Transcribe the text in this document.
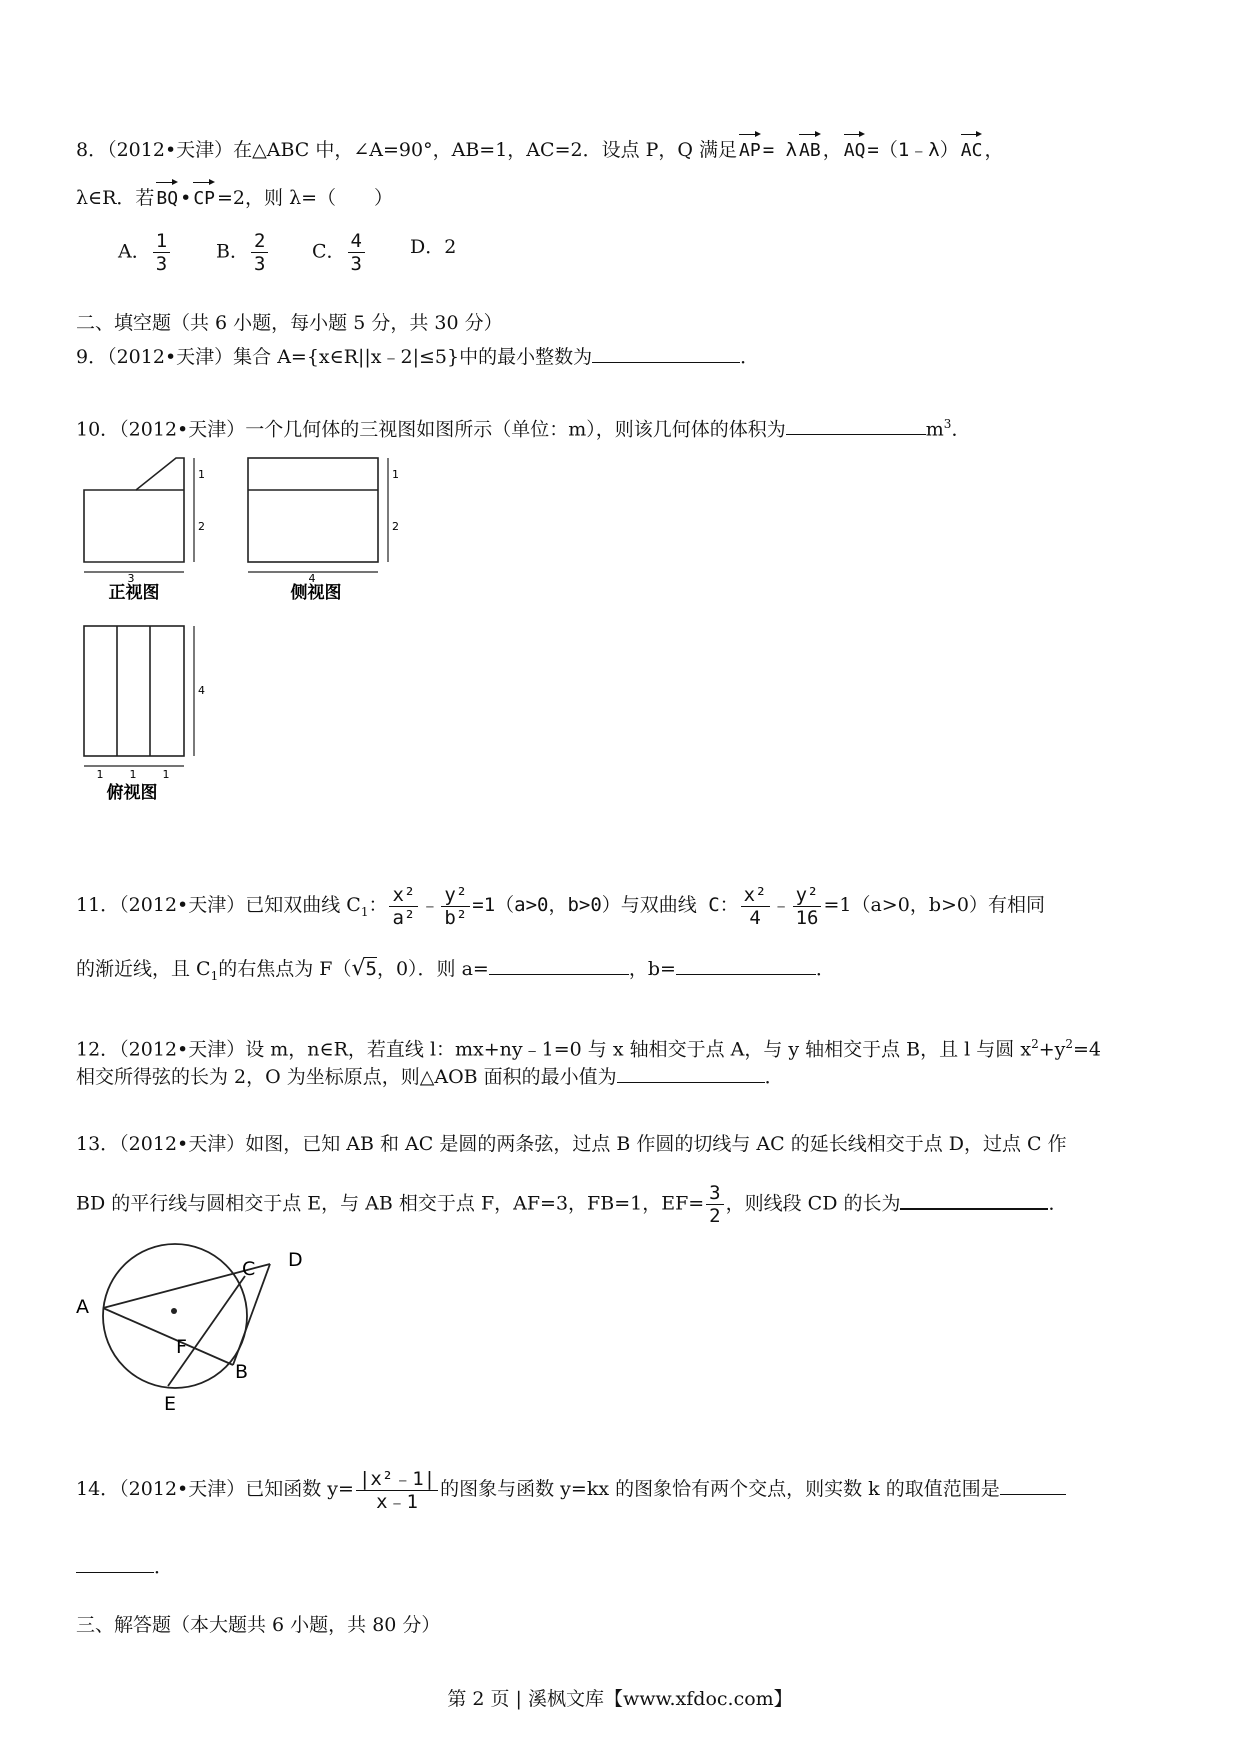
8．（2012•天津）在△ABC 中，∠A=90°，AB=1，AC=2．设点 P，Q 满足 AP = λ AB ， AQ =（1﹣λ） AC ，
λ∈R．若 BQ • CP =2，则 λ=（　　）
A． $\frac{1}{3}$ B． $\frac{2}{3}$ C． $\frac{4}{3}$ D．2
二、填空题（共 6 小题，每小题 5 分，共 30 分）
9．（2012•天津）集合 A={x∈R||x﹣2|≤5}中的最小整数为	．
10．（2012•天津）一个几何体的三视图如图所示（单位：m），则该几何体的体积为	$m^3$．
3
1
2
正视图
4
1
2
侧视图
4
1 1 1
俯视图
11．（2012•天津）已知双曲线 $C_1$： $\frac{\text{x²}}{\text{a²}}$ ﹣ $\frac{\text{y²}}{\text{b²}} =1(a>0$，b>0）与双曲线 C： $\frac{\text{x²}}{4}$ ﹣ $\frac{\text{y²}}{16} =1(a>0$，b>0）有相同
的渐近线，且 $C_1$的右焦点为 F（√5，0）．则 a=	，b=	．
12．（2012•天津）设 m，n∈R，若直线 l：mx+ny﹣1=0 与 x 轴相交于点 A，与 y 轴相交于点 B，且 l 与圆 $x^2+y^2=4$
相交所得弦的长为 2，O 为坐标原点，则△AOB 面积的最小值为	．
13．（2012•天津）如图，已知 AB 和 AC 是圆的两条弦，过点 B 作圆的切线与 AC 的延长线相交于点 D，过点 C 作
BD 的平行线与圆相交于点 E，与 AB 相交于点 F，AF=3，FB=1，$EF= \frac{3}{2}$ ，则线段 CD 的长为	．
A
C D
F
B
E
14．（2012•天津）已知函数 $y= \frac{\text{|x²﹣1|}}{x﹣1}$ 的图象与函数 y=kx 的图象恰有两个交点，则实数 k 的取值范围是
．
三、解答题（本大题共 6 小题，共 80 分）
第 2 页 | 溪枫文库【www.xfdoc.com】
